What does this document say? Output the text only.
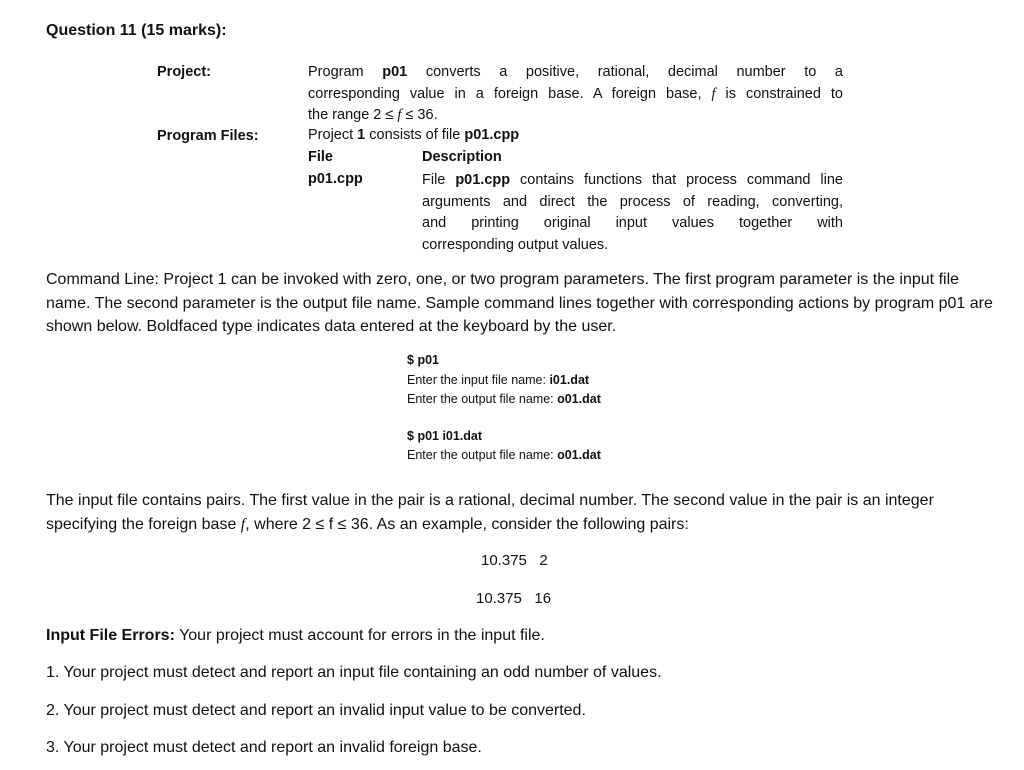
Question 11 (15 marks):
Project:	Program p01 converts a positive, rational, decimal number to a
corresponding value in a foreign base. A foreign base, f is constrained to
the range 2 ≤ f ≤ 36.
Program Files:	Project 1 consists of file p01.cpp
File	Description
p01.cpp	File p01.cpp contains functions that process command line
arguments and direct the process of reading, converting,
and printing original input values together with
corresponding output values.
Command Line: Project 1 can be invoked with zero, one, or two program parameters. The first program parameter is the input file name. The second parameter is the output file name. Sample command lines together with corresponding actions by program p01 are shown below. Boldfaced type indicates data entered at the keyboard by the user.
$ p01
Enter the input file name: i01.dat
Enter the output file name: o01.dat
$ p01 i01.dat
Enter the output file name: o01.dat
The input file contains pairs. The first value in the pair is a rational, decimal number. The second value in the pair is an integer specifying the foreign base f, where 2 ≤ f ≤ 36. As an example, consider the following pairs:
10.375   2
10.375   16
Input File Errors: Your project must account for errors in the input file.
1. Your project must detect and report an input file containing an odd number of values.
2. Your project must detect and report an invalid input value to be converted.
3. Your project must detect and report an invalid foreign base.
